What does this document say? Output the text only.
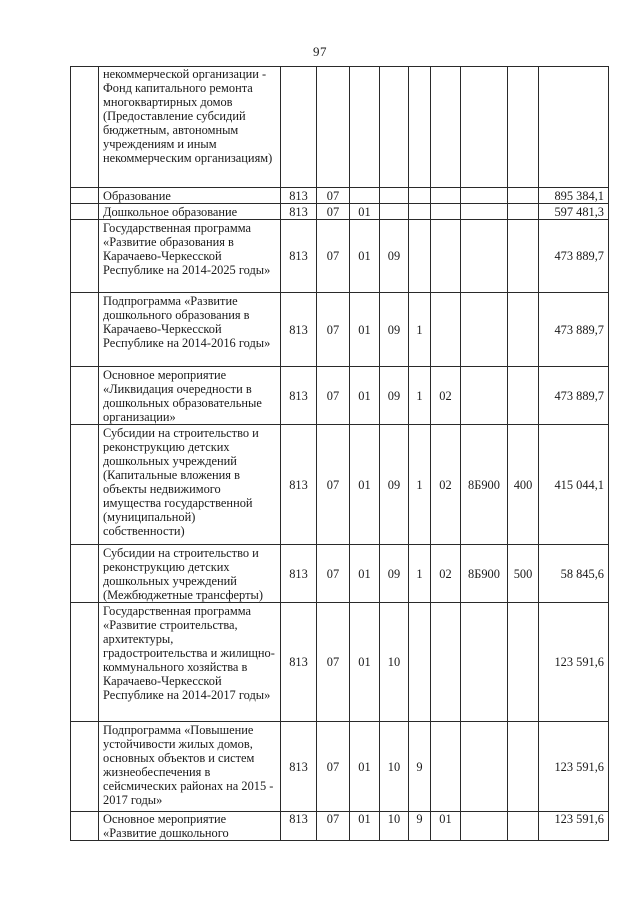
97
	некоммерческой организации - Фонд капитального ремонта многоквартирных домов (Предоставление субсидий бюджетным, автономным учреждениям и иным некоммерческим организациям)									
	Образование	813	07							895 384,1
	Дошкольное образование	813	07	01						597 481,3
	Государственная программа «Развитие образования в Карачаево-Черкесской Республике на 2014-2025 годы»	813	07	01	09					473 889,7
	Подпрограмма «Развитие дошкольного образования в Карачаево-Черкесской Республике на 2014-2016 годы»	813	07	01	09	1				473 889,7
	Основное мероприятие «Ликвидация очередности в дошкольных образовательные организации»	813	07	01	09	1	02			473 889,7
	Субсидии на строительство и реконструкцию детских дошкольных учреждений (Капитальные вложения в объекты недвижимого имущества государственной (муниципальной) собственности)	813	07	01	09	1	02	8Б900	400	415 044,1
	Субсидии на строительство и реконструкцию детских дошкольных учреждений (Межбюджетные трансферты)	813	07	01	09	1	02	8Б900	500	58 845,6
	Государственная программа «Развитие строительства, архитектуры, градостроительства и жилищно-коммунального хозяйства в Карачаево-Черкесской Республике на 2014-2017 годы»	813	07	01	10					123 591,6
	Подпрограмма «Повышение устойчивости жилых домов, основных объектов и систем жизнеобеспечения в сейсмических районах на 2015 - 2017 годы»	813	07	01	10	9				123 591,6
	Основное мероприятие «Развитие дошкольного	813	07	01	10	9	01			123 591,6
